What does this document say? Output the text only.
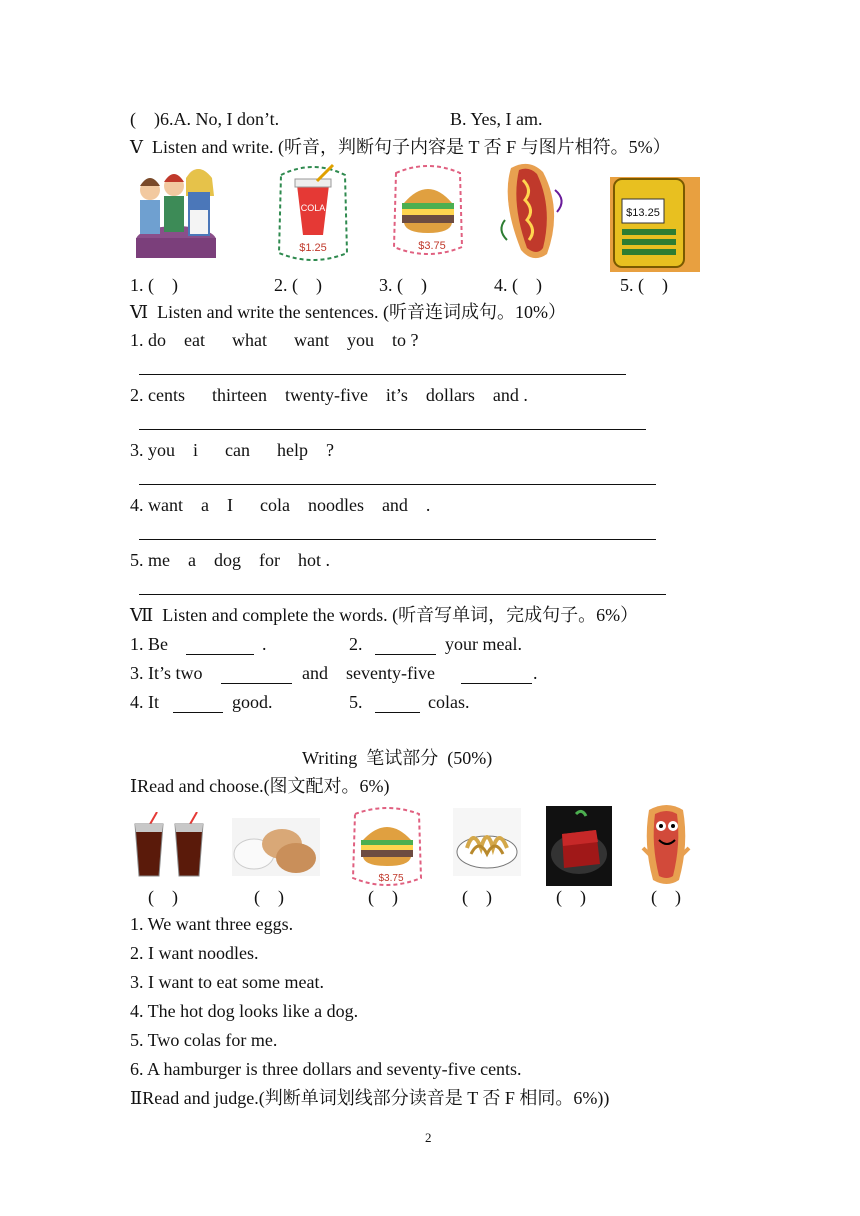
(    )6.A. No, I don’t.	B. Yes, I am.
Ⅴ  Listen and write. (听音，判断句子内容是 T 否 F 与图片相符。5%）
COLA
$1.25	$3.75
$13.25
1. (    )	2. (    )	3. (    )	4. (    )	5. (    )
Ⅵ  Listen and write the sentences. (听音连词成句。10%）
1. do    eat      what      want    you    to ?
2. cents      thirteen    twenty-five    it’s    dollars    and .
3. you    i      can      help    ?
4. want    a    I      cola    noodles    and    .
5. me    a    dog    for    hot .
Ⅶ  Listen and complete the words. (听音写单词，完成句子。6%）
1. Be	.	2.	your meal.
3. It’s two	and    seventy-five	.
4. It	good.	5.	colas.
Writing  笔试部分  (50%)
ⅠRead and choose.(图文配对。6%)
$3.75
(    )	(    )	(    )	(    )	(    )	(    )
1. We want three eggs.
2. I want noodles.
3. I want to eat some meat.
4. The hot dog looks like a dog.
5. Two colas for me.
6. A hamburger is three dollars and seventy-five cents.
ⅡRead and judge.(判断单词划线部分读音是 T 否 F 相同。6%))
2
